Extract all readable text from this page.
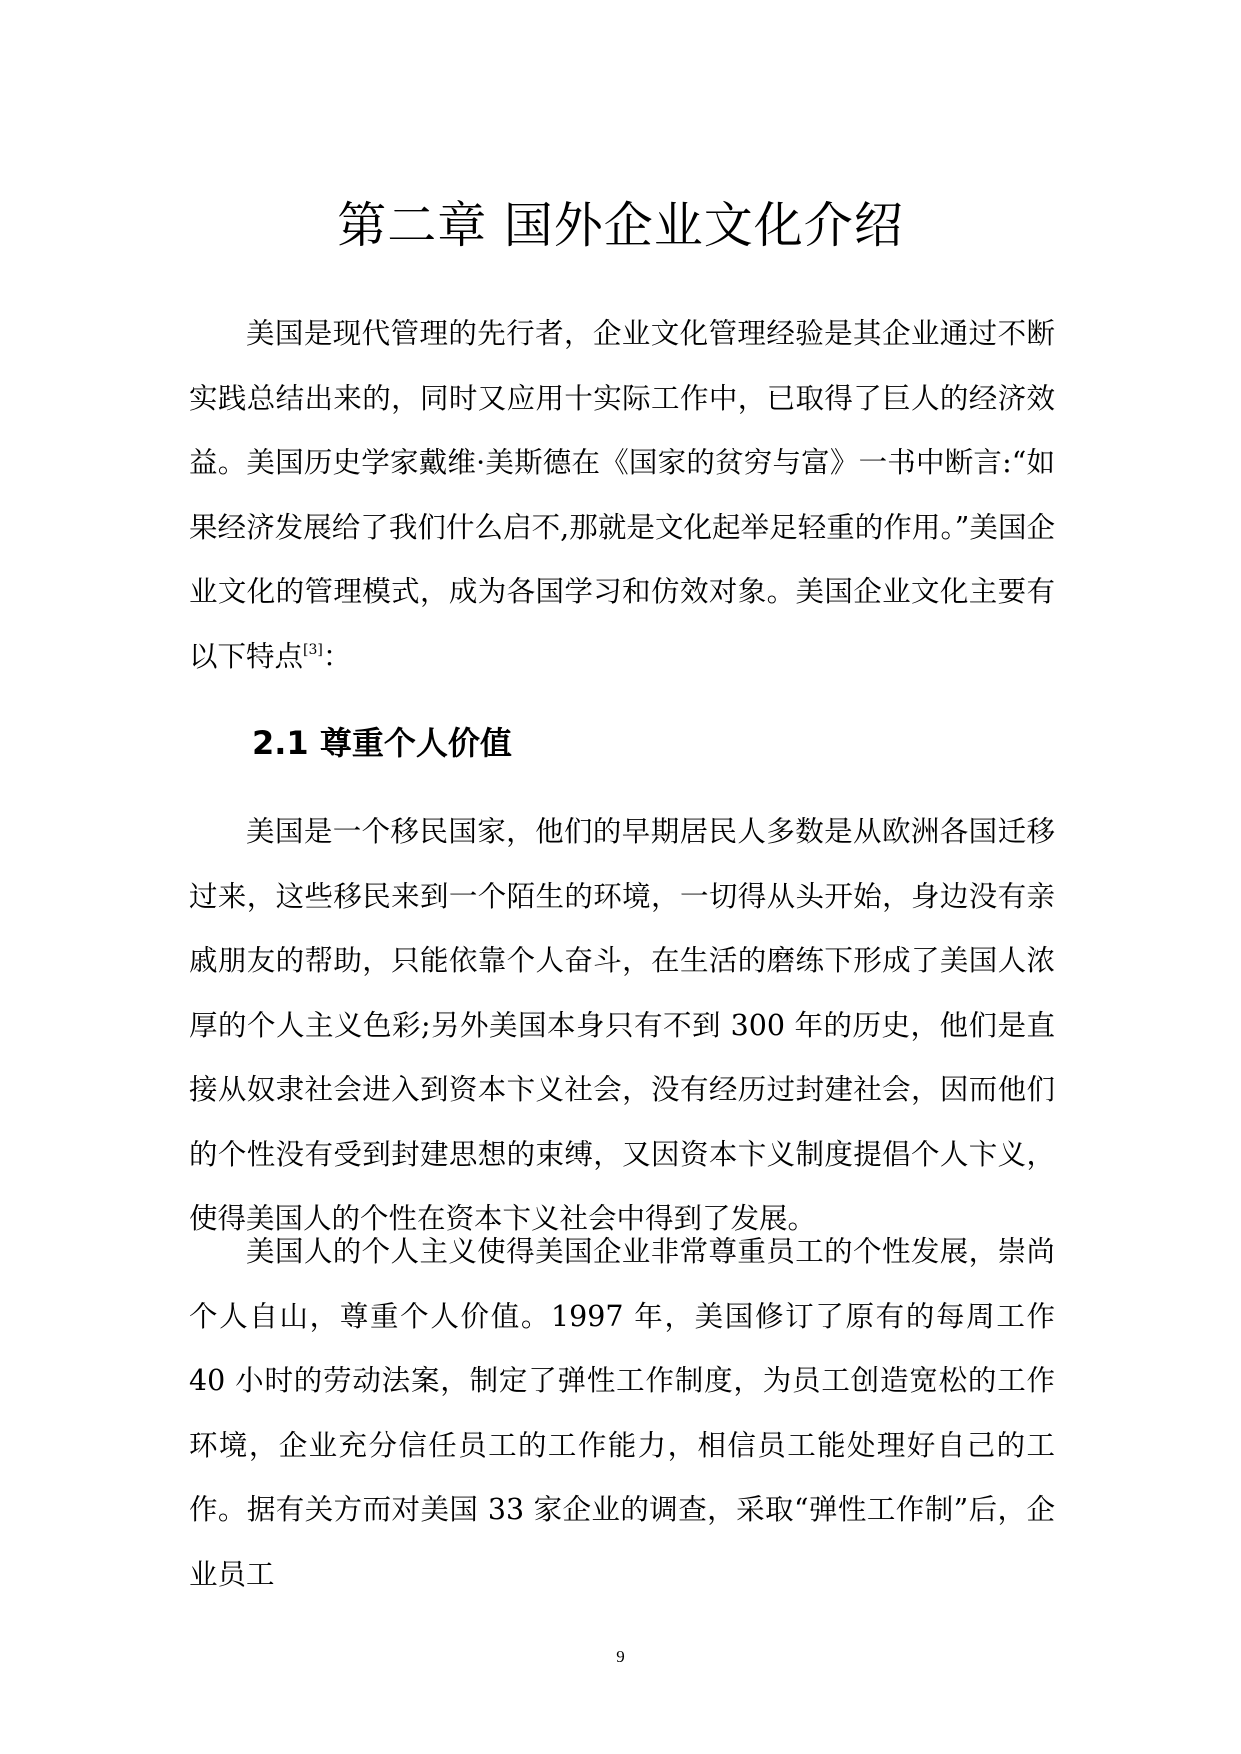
第二章 国外企业文化介绍

美国是现代管理的先行者，企业文化管理经验是其企业通过不断实践总结出来的，同时又应用十实际工作中，已取得了巨人的经济效益。美国历史学家戴维·美斯德在《国家的贫穷与富》一书中断言:“如果经济发展给了我们什么启不,那就是文化起举足轻重的作用。”美国企业文化的管理模式，成为各国学习和仿效对象。美国企业文化主要有以下特点[3]：

2.1 尊重个人价值

美国是一个移民国家，他们的早期居民人多数是从欧洲各国迁移过来，这些移民来到一个陌生的环境，一切得从头开始，身边没有亲戚朋友的帮助，只能依靠个人奋斗，在生活的磨练下形成了美国人浓厚的个人主义色彩;另外美国本身只有不到 300 年的历史，他们是直接从奴隶社会进入到资本卞义社会，没有经历过封建社会，因而他们的个性没有受到封建思想的束缚，又因资本卞义制度提倡个人卞义，使得美国人的个性在资本卞义社会中得到了发展。

美国人的个人主义使得美国企业非常尊重员工的个性发展，崇尚个人自山，尊重个人价值。1997 年，美国修订了原有的每周工作 40 小时的劳动法案，制定了弹性工作制度，为员工创造宽松的工作环境，企业充分信任员工的工作能力，相信员工能处理好自己的工作。据有关方而对美国 33 家企业的调查，采取“弹性工作制”后，企业员工

9
